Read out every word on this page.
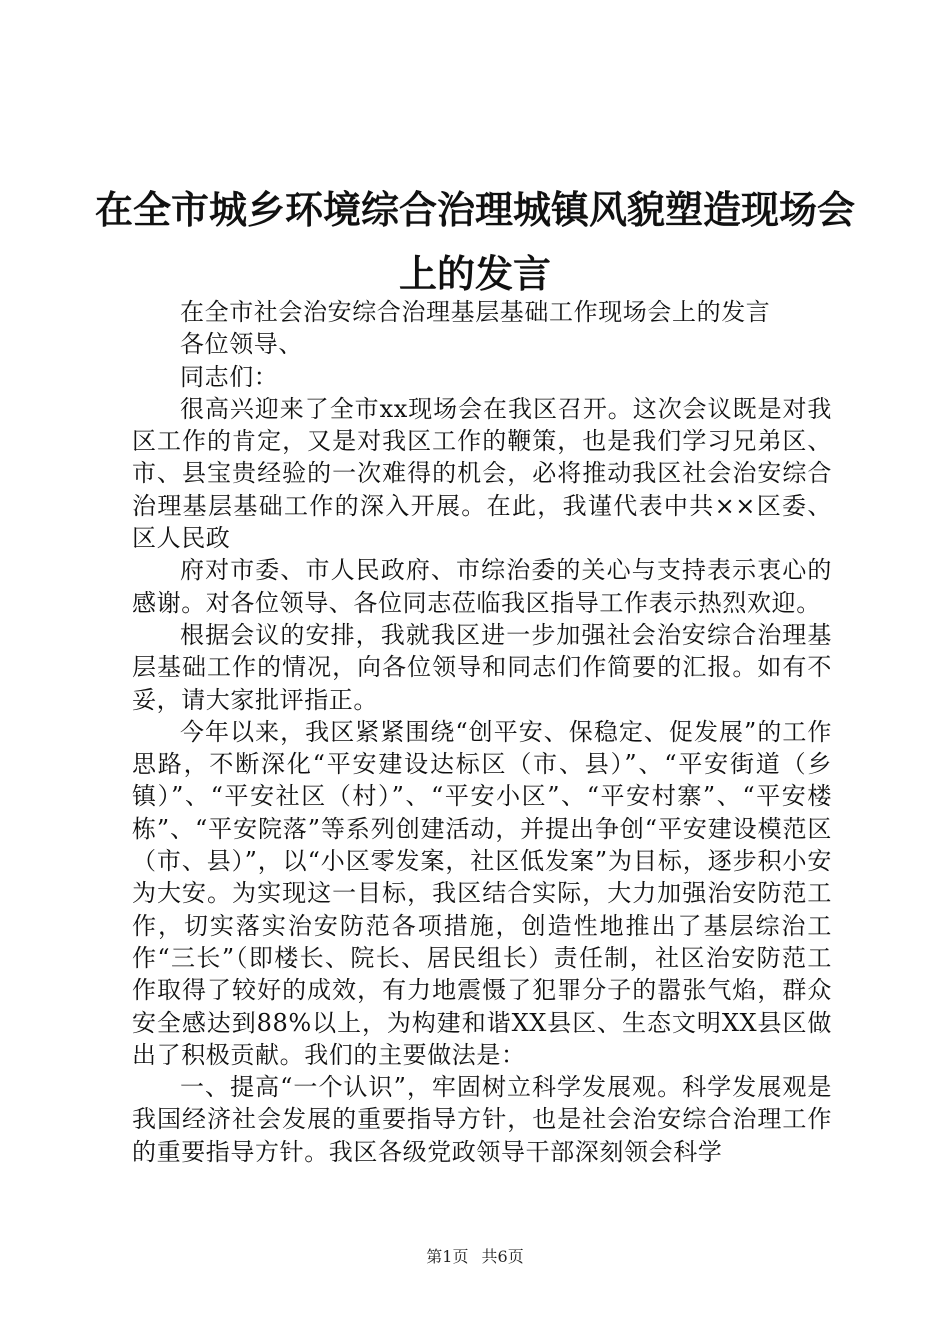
在全市城乡环境综合治理城镇风貌塑造现场会
上的发言

在全市社会治安综合治理基层基础工作现场会上的发言

各位领导、

同志们：

很高兴迎来了全市xx现场会在我区召开。这次会议既是对我区工作的肯定，又是对我区工作的鞭策，也是我们学习兄弟区、市、县宝贵经验的一次难得的机会，必将推动我区社会治安综合治理基层基础工作的深入开展。在此，我谨代表中共××区委、区人民政

府对市委、市人民政府、市综治委的关心与支持表示衷心的感谢。对各位领导、各位同志莅临我区指导工作表示热烈欢迎。

根据会议的安排，我就我区进一步加强社会治安综合治理基层基础工作的情况，向各位领导和同志们作简要的汇报。如有不妥，请大家批评指正。

今年以来，我区紧紧围绕“创平安、保稳定、促发展”的工作思路，不断深化“平安建设达标区（市、县）”、“平安街道（乡镇）”、“平安社区（村）”、“平安小区”、“平安村寨”、“平安楼栋”、“平安院落”等系列创建活动，并提出争创“平安建设模范区（市、县）”，以“小区零发案，社区低发案”为目标，逐步积小安为大安。为实现这一目标，我区结合实际，大力加强治安防范工作，切实落实治安防范各项措施，创造性地推出了基层综治工作“三长”（即楼长、院长、居民组长）责任制，社区治安防范工作取得了较好的成效，有力地震慑了犯罪分子的嚣张气焰，群众安全感达到88%以上，为构建和谐XX县区、生态文明XX县区做出了积极贡献。我们的主要做法是：

一、提高“一个认识”，牢固树立科学发展观。科学发展观是我国经济社会发展的重要指导方针，也是社会治安综合治理工作的重要指导方针。我区各级党政领导干部深刻领会科学

第1页 共6页
